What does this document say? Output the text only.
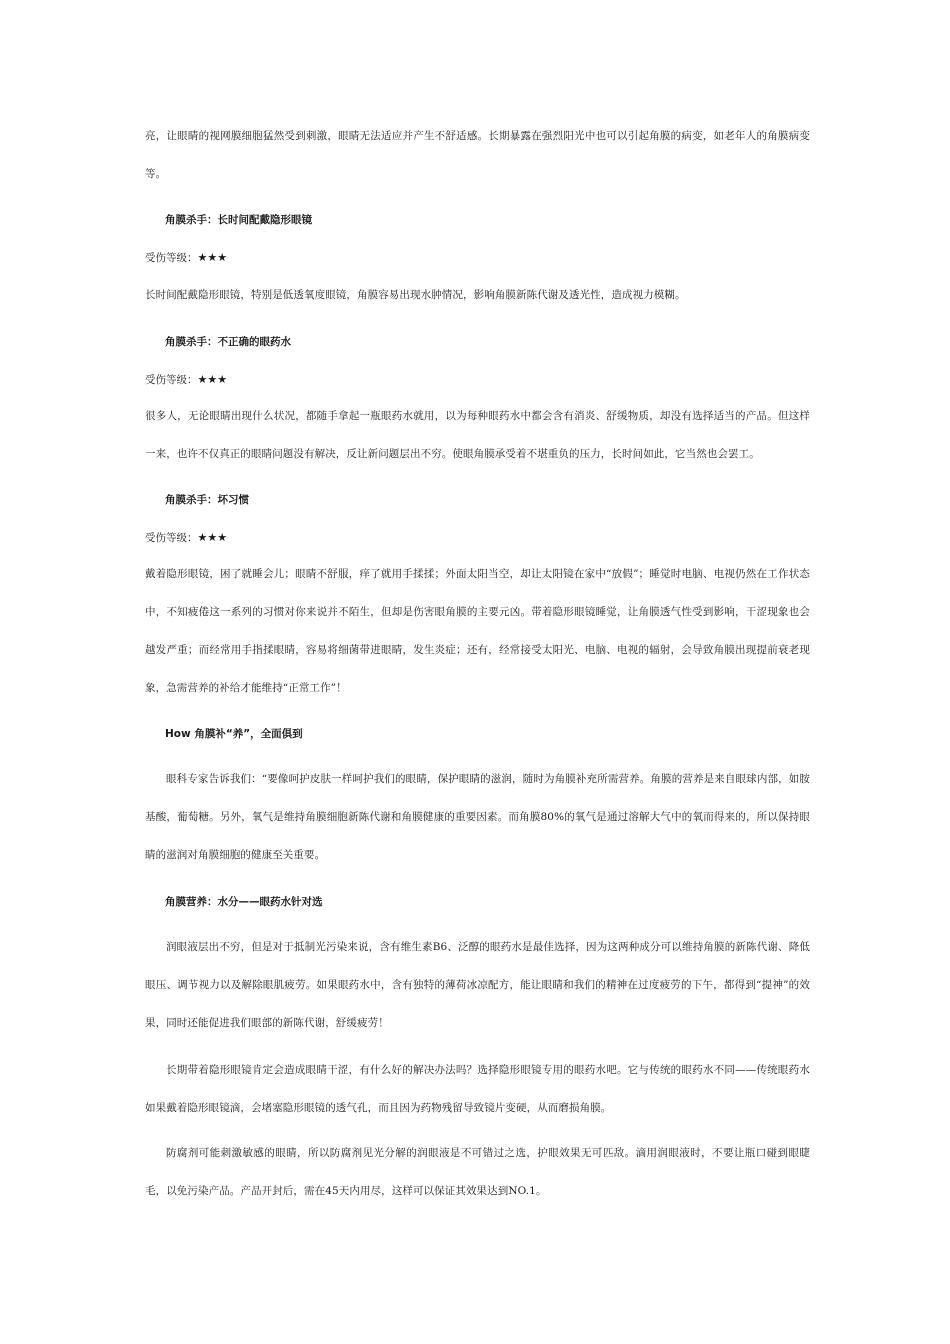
亮，让眼睛的视网膜细胞猛然受到刺激，眼睛无法适应并产生不舒适感。长期暴露在强烈阳光中也可以引起角膜的病变，如老年人的角膜病变等。

角膜杀手：长时间配戴隐形眼镜
受伤等级：★★★

长时间配戴隐形眼镜，特别是低透氧度眼镜，角膜容易出现水肿情况，影响角膜新陈代谢及透光性，造成视力模糊。

角膜杀手：不正确的眼药水
受伤等级：★★★

很多人，无论眼睛出现什么状况，都随手拿起一瓶眼药水就用，以为每种眼药水中都会含有消炎、舒缓物质，却没有选择适当的产品。但这样一来，也许不仅真正的眼睛问题没有解决，反让新问题层出不穷。使眼角膜承受着不堪重负的压力，长时间如此，它当然也会罢工。

角膜杀手：坏习惯
受伤等级：★★★

戴着隐形眼镜，困了就睡会儿；眼睛不舒服，痒了就用手揉揉；外面太阳当空，却让太阳镜在家中“放假”；睡觉时电脑、电视仍然在工作状态中，不知疲倦这一系列的习惯对你来说并不陌生，但却是伤害眼角膜的主要元凶。带着隐形眼镜睡觉，让角膜透气性受到影响，干涩现象也会越发严重；而经常用手指揉眼睛，容易将细菌带进眼睛，发生炎症；还有，经常接受太阳光、电脑、电视的辐射，会导致角膜出现提前衰老现象，急需营养的补给才能维持“正常工作”！

How 角膜补“养”，全面俱到

眼科专家告诉我们：“要像呵护皮肤一样呵护我们的眼睛，保护眼睛的滋润，随时为角膜补充所需营养。角膜的营养是来自眼球内部，如胺基酸，葡萄糖。另外，氧气是维持角膜细胞新陈代谢和角膜健康的重要因素。而角膜80%的氧气是通过溶解大气中的氧而得来的，所以保持眼睛的滋润对角膜细胞的健康至关重要。

角膜营养：水分——眼药水针对选

润眼液层出不穷，但是对于抵制光污染来说，含有维生素B6、泛醇的眼药水是最佳选择，因为这两种成分可以维持角膜的新陈代谢、降低眼压、调节视力以及解除眼肌疲劳。如果眼药水中，含有独特的薄荷冰凉配方，能让眼睛和我们的精神在过度疲劳的下午，都得到“提神”的效果，同时还能促进我们眼部的新陈代谢，舒缓疲劳！

长期带着隐形眼镜肯定会造成眼睛干涩，有什么好的解决办法吗？选择隐形眼镜专用的眼药水吧。它与传统的眼药水不同——传统眼药水如果戴着隐形眼镜滴，会堵塞隐形眼镜的透气孔，而且因为药物残留导致镜片变硬，从而磨损角膜。

防腐剂可能刺激敏感的眼睛，所以防腐剂见光分解的润眼液是不可错过之选，护眼效果无可匹敌。滴用润眼液时，不要让瓶口碰到眼睫毛，以免污染产品。产品开封后，需在45天内用尽，这样可以保证其效果达到NO.1。
